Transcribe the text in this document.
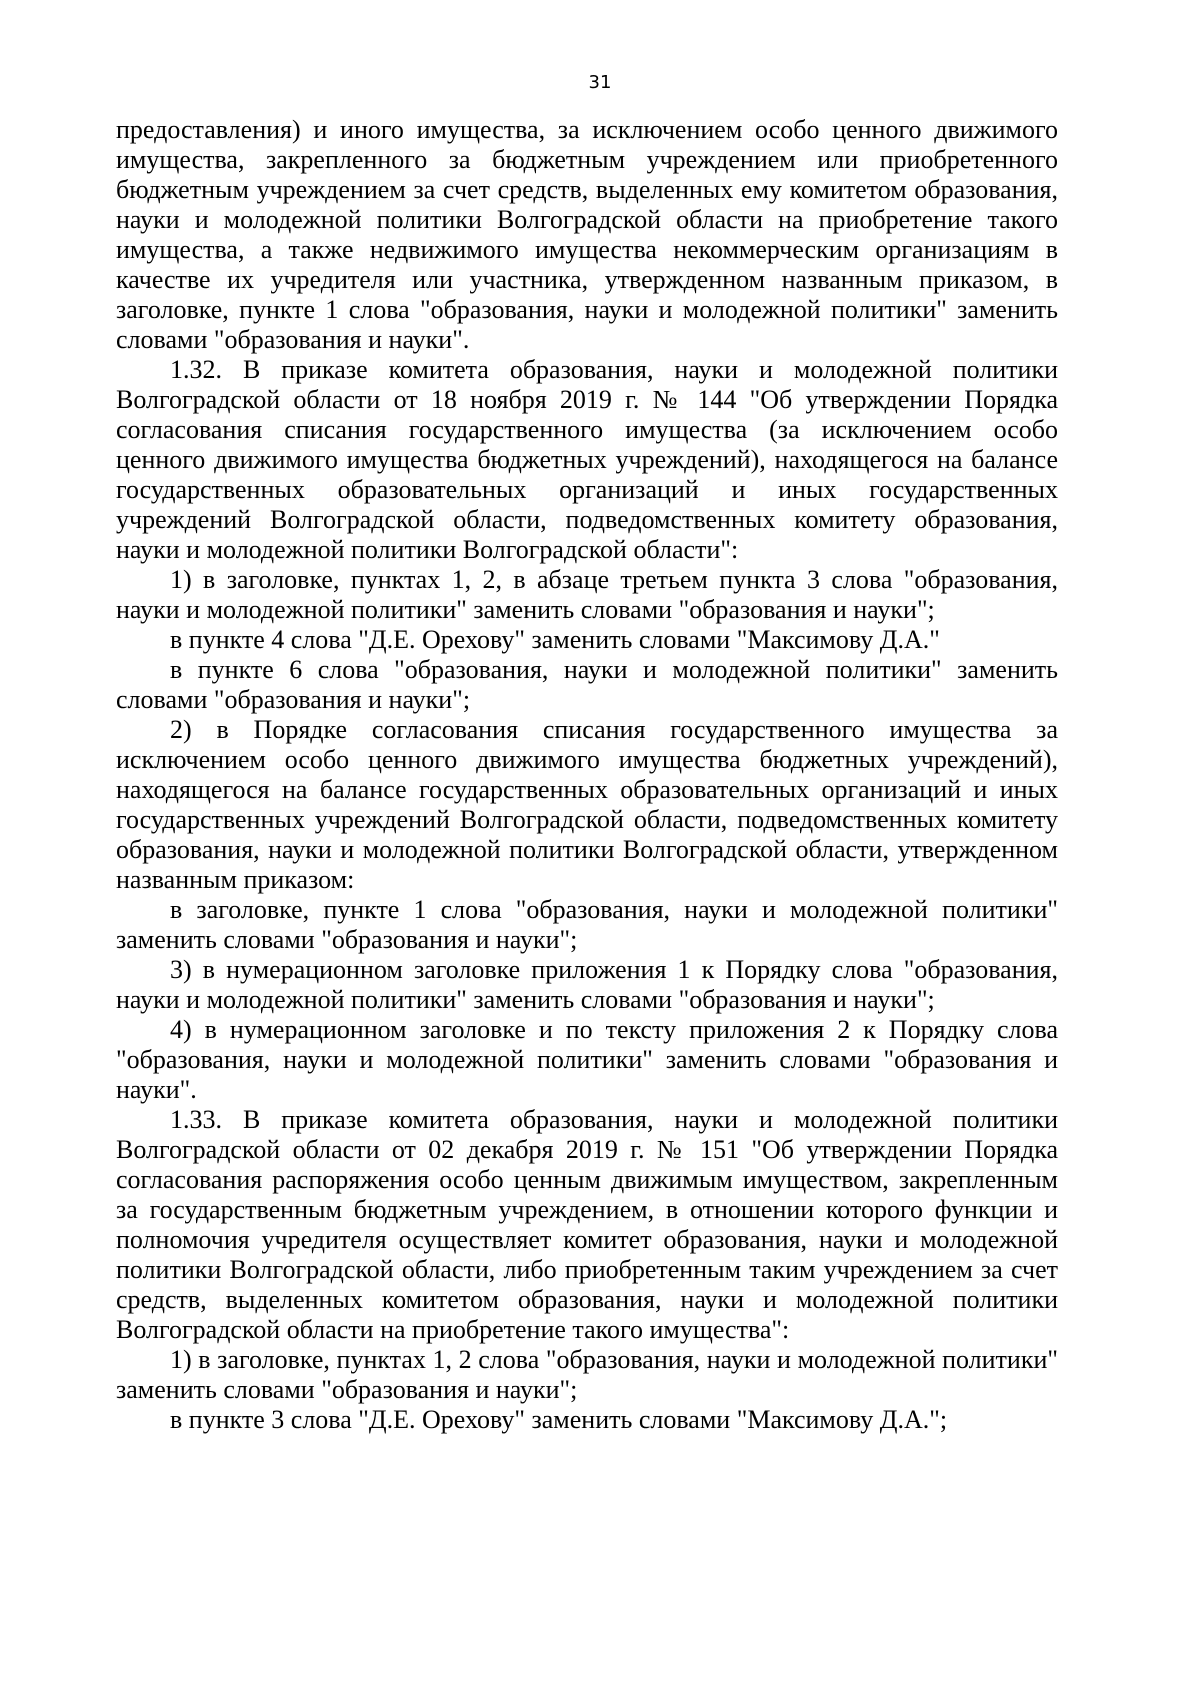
31

предоставления) и иного имущества, за исключением особо ценного движимого имущества, закрепленного за бюджетным учреждением или приобретенного бюджетным учреждением за счет средств, выделенных ему комитетом образования, науки и молодежной политики Волгоградской области на приобретение такого имущества, а также недвижимого имущества некоммерческим организациям в качестве их учредителя или участника, утвержденном названным приказом, в заголовке, пункте 1 слова "образования, науки и молодежной политики" заменить словами "образования и науки".

1.32. В приказе комитета образования, науки и молодежной политики Волгоградской области от 18 ноября 2019 г. № 144 "Об утверждении Порядка согласования списания государственного имущества (за исключением особо ценного движимого имущества бюджетных учреждений), находящегося на балансе государственных образовательных организаций и иных государственных учреждений Волгоградской области, подведомственных комитету образования, науки и молодежной политики Волгоградской области":

1) в заголовке, пунктах 1, 2, в абзаце третьем пункта 3 слова "образования, науки и молодежной политики" заменить словами "образования и науки";

в пункте 4 слова "Д.Е. Орехову" заменить словами "Максимову Д.А."

в пункте 6 слова "образования, науки и молодежной политики" заменить словами "образования и науки";

2) в Порядке согласования списания государственного имущества за исключением особо ценного движимого имущества бюджетных учреждений), находящегося на балансе государственных образовательных организаций и иных государственных учреждений Волгоградской области, подведомственных комитету образования, науки и молодежной политики Волгоградской области, утвержденном названным приказом:

в заголовке, пункте 1 слова "образования, науки и молодежной политики" заменить словами "образования и науки";

3) в нумерационном заголовке приложения 1 к Порядку слова "образования, науки и молодежной политики" заменить словами "образования и науки";

4) в нумерационном заголовке и по тексту приложения 2 к Порядку слова "образования, науки и молодежной политики" заменить словами "образования и науки".

1.33. В приказе комитета образования, науки и молодежной политики Волгоградской области от 02 декабря 2019 г. № 151 "Об утверждении Порядка согласования распоряжения особо ценным движимым имуществом, закрепленным за государственным бюджетным учреждением, в отношении которого функции и полномочия учредителя осуществляет комитет образования, науки и молодежной политики Волгоградской области, либо приобретенным таким учреждением за счет средств, выделенных комитетом образования, науки и молодежной политики Волгоградской области на приобретение такого имущества":

1) в заголовке, пунктах 1, 2 слова "образования, науки и молодежной политики" заменить словами "образования и науки";

в пункте 3 слова "Д.Е. Орехову" заменить словами "Максимову Д.А.";
